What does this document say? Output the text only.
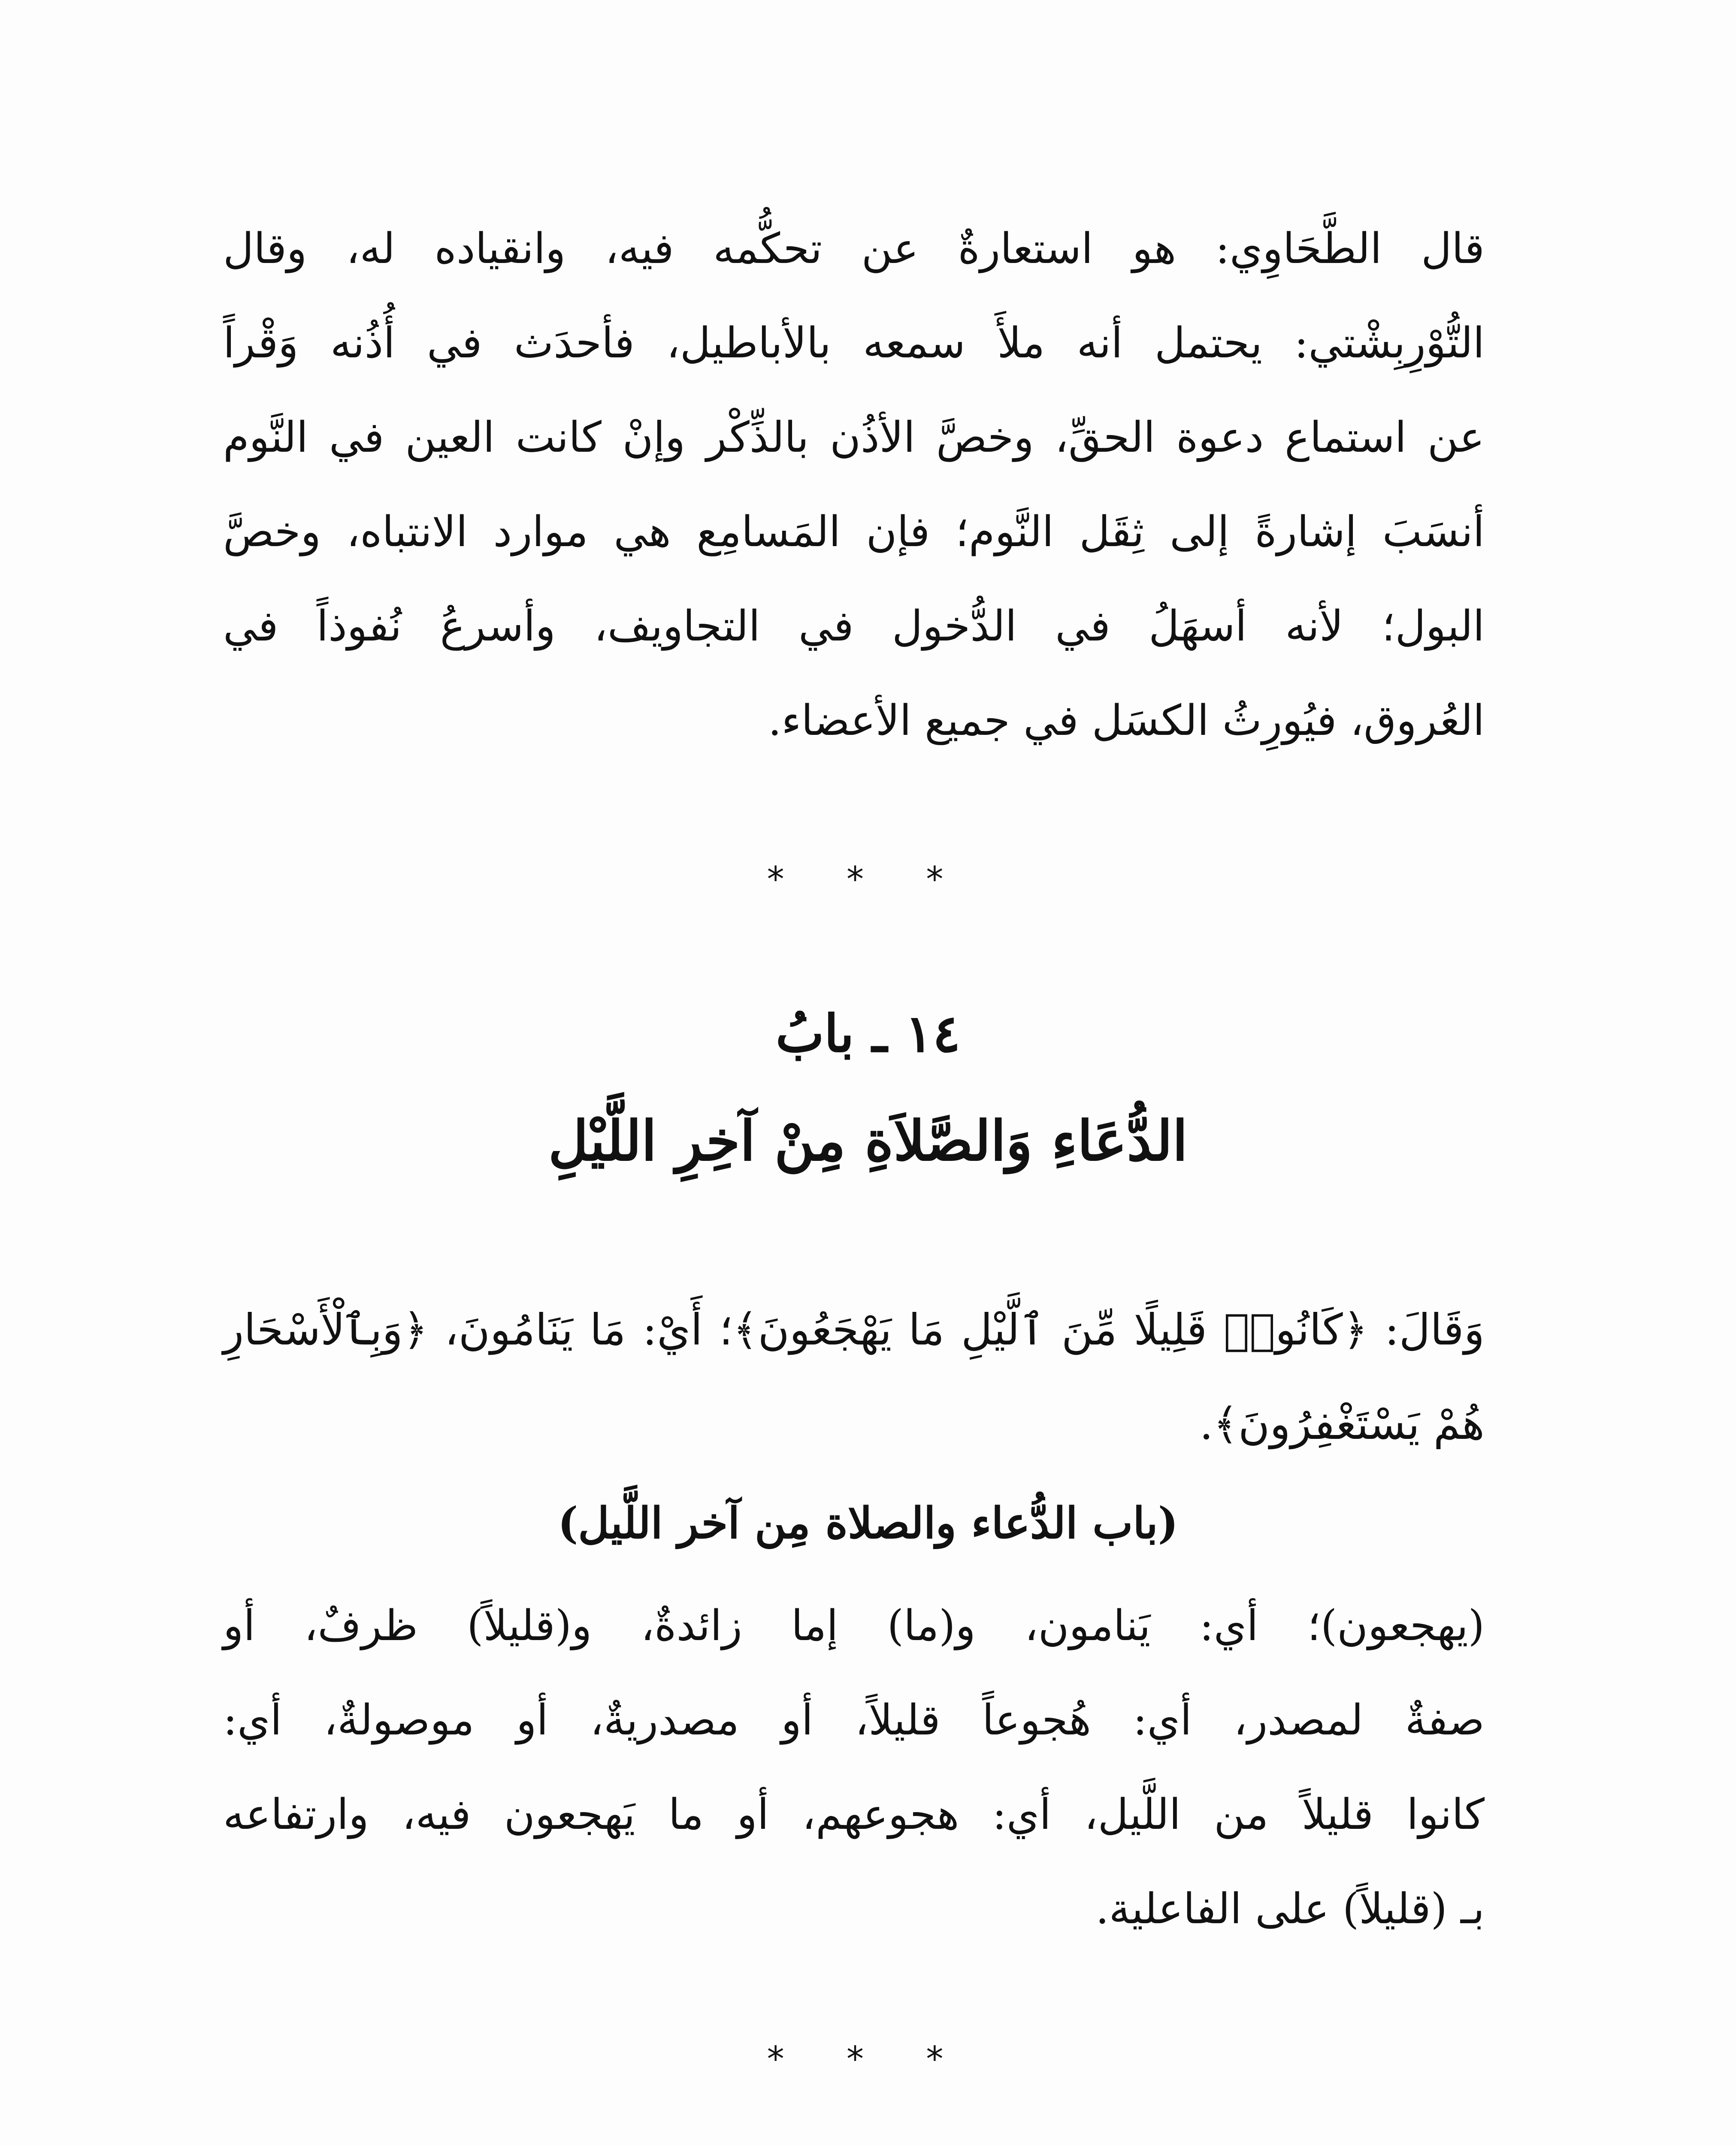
قال الطَّحَاوِي: هو استعارةٌ عن تحكُّمه فيه، وانقياده له، وقال
التُّوْرِبِشْتي: يحتمل أنه ملأَ سمعه بالأباطيل، فأحدَث في أُذُنه وَقْراً
عن استماع دعوة الحقِّ، وخصَّ الأذُن بالذِّكْر وإنْ كانت العين في النَّوم
أنسَبَ إشارةً إلى ثِقَل النَّوم؛ فإن المَسامِع هي موارد الانتباه، وخصَّ
البول؛ لأنه أسهَلُ في الدُّخول في التجاويف، وأسرعُ نُفوذاً في
العُروق، فيُورِثُ الكسَل في جميع الأعضاء.

* * *
١٤ ـ بابُ
الدُّعَاءِ وَالصَّلاَةِ مِنْ آخِرِ اللَّيْلِ

وَقَالَ: ﴿كَانُوا۟ قَلِيلًا مِّنَ ٱلَّيْلِ مَا يَهْجَعُونَ﴾؛ أَيْ: مَا يَنَامُونَ، ﴿وَبِٱلْأَسْحَارِ
هُمْ يَسْتَغْفِرُونَ﴾.

(باب الدُّعاء والصلاة مِن آخر اللَّيل)

(يهجعون)؛ أي: يَنامون، و(ما) إما زائدةٌ، و(قليلاً) ظرفٌ، أو
صفةٌ لمصدر، أي: هُجوعاً قليلاً، أو مصدريةٌ، أو موصولةٌ، أي:
كانوا قليلاً من اللَّيل، أي: هجوعهم، أو ما يَهجعون فيه، وارتفاعه
بـ (قليلاً) على الفاعلية.

* * *
